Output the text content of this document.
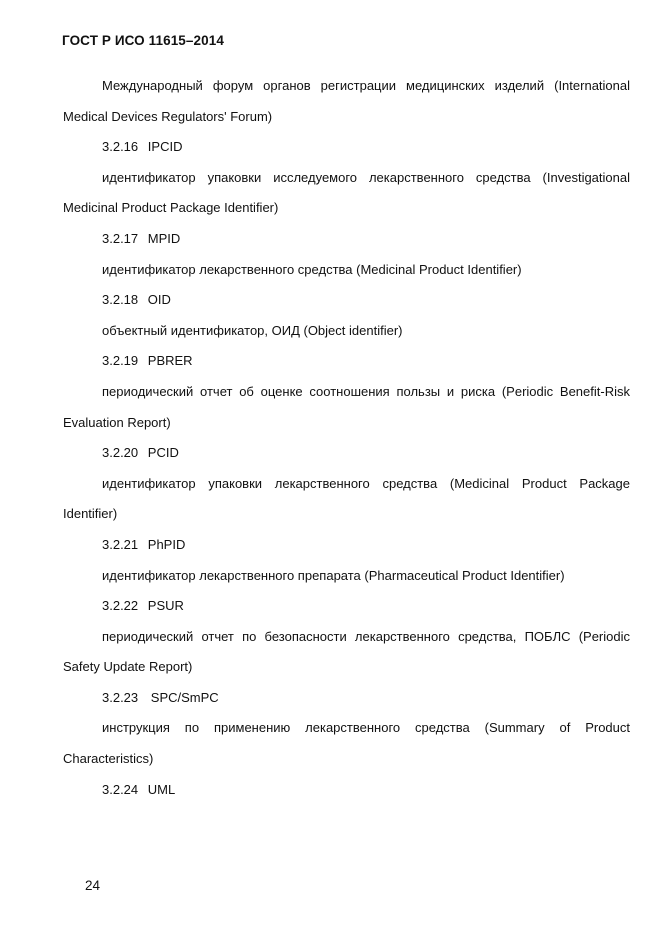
ГОСТ Р ИСО 11615–2014
Международный форум органов регистрации медицинских изделий (International
Medical Devices Regulators' Forum)
3.2.16 IPCID
идентификатор упаковки исследуемого лекарственного средства (Investigational
Medicinal Product Package Identifier)
3.2.17 MPID
идентификатор лекарственного средства (Medicinal Product Identifier)
3.2.18 OID
объектный идентификатор, ОИД (Object identifier)
3.2.19 PBRER
периодический отчет об оценке соотношения пользы и риска (Periodic Benefit-Risk
Evaluation Report)
3.2.20 PCID
идентификатор упаковки лекарственного средства (Medicinal Product Package
Identifier)
3.2.21 PhPID
идентификатор лекарственного препарата (Pharmaceutical Product Identifier)
3.2.22 PSUR
периодический отчет по безопасности лекарственного средства, ПОБЛС (Periodic
Safety Update Report)
3.2.23 SPC/SmPC
инструкция по применению лекарственного средства (Summary of Product
Characteristics)
3.2.24 UML
24
